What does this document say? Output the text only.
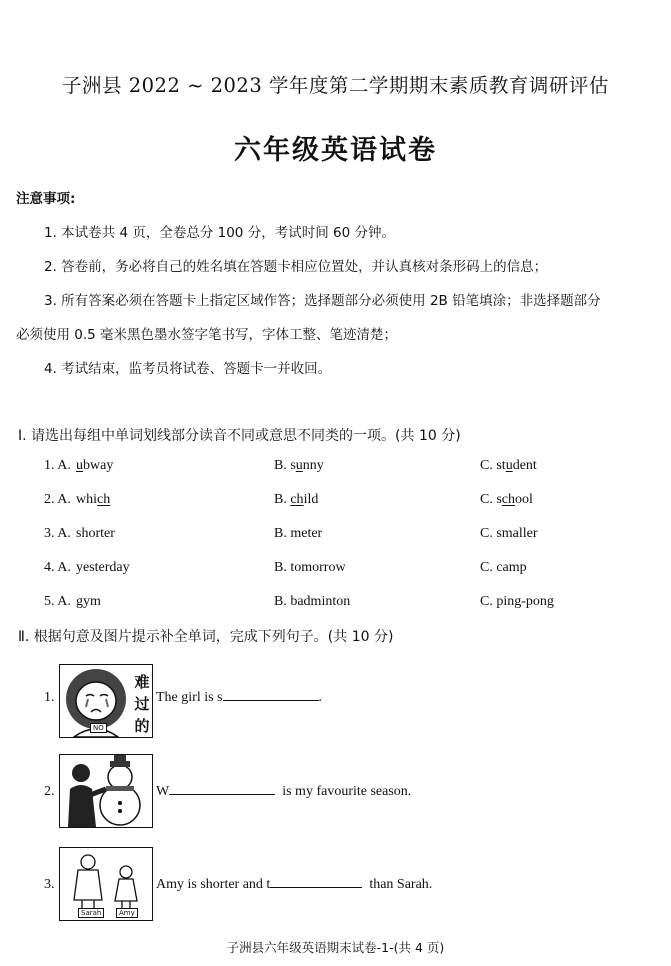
子洲县 2022 ~ 2023 学年度第二学期期末素质教育调研评估
六年级英语试卷
注意事项:
1. 本试卷共 4 页，全卷总分 100 分，考试时间 60 分钟。
2. 答卷前，务必将自己的姓名填在答题卡相应位置处，并认真核对条形码上的信息；
3. 所有答案必须在答题卡上指定区域作答；选择题部分必须使用 2B 铅笔填涂；非选择题部分
必须使用 0.5 毫米黑色墨水签字笔书写，字体工整、笔迹清楚；
4. 考试结束，监考员将试卷、答题卡一并收回。
Ⅰ. 请选出每组中单词划线部分读音不同或意思不同类的一项。(共 10 分)
1. A. ubway	B. sunny	C. student
2. A. which	B. child	C. school
3. A. shorter	B. meter	C. smaller
4. A. yesterday	B. tomorrow	C. camp
5. A. gym	B. badminton	C. ping-pong
Ⅱ. 根据句意及图片提示补全单词，完成下列句子。(共 10 分)
1.
NO
难过的
The girl is s	.
2.	W	is my favourite season.
3.
Sarah	Amy
Amy is shorter and t	than Sarah.
子洲县六年级英语期末试卷-1-(共 4 页)
